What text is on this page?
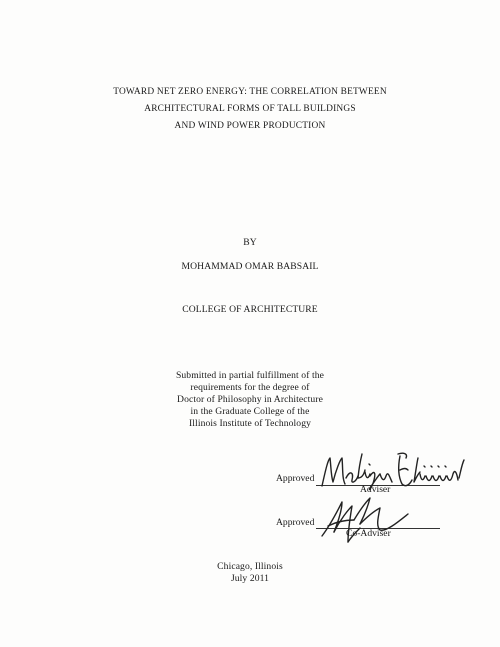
TOWARD NET ZERO ENERGY: THE CORRELATION BETWEEN
ARCHITECTURAL FORMS OF TALL BUILDINGS
AND WIND POWER PRODUCTION
BY
MOHAMMAD OMAR BABSAIL
COLLEGE OF ARCHITECTURE
Submitted in partial fulfillment of the
requirements for the degree of
Doctor of Philosophy in Architecture
in the Graduate College of the
Illinois Institute of Technology
Approved
Adviser
Approved
Co-Adviser
Chicago, Illinois
July 2011
